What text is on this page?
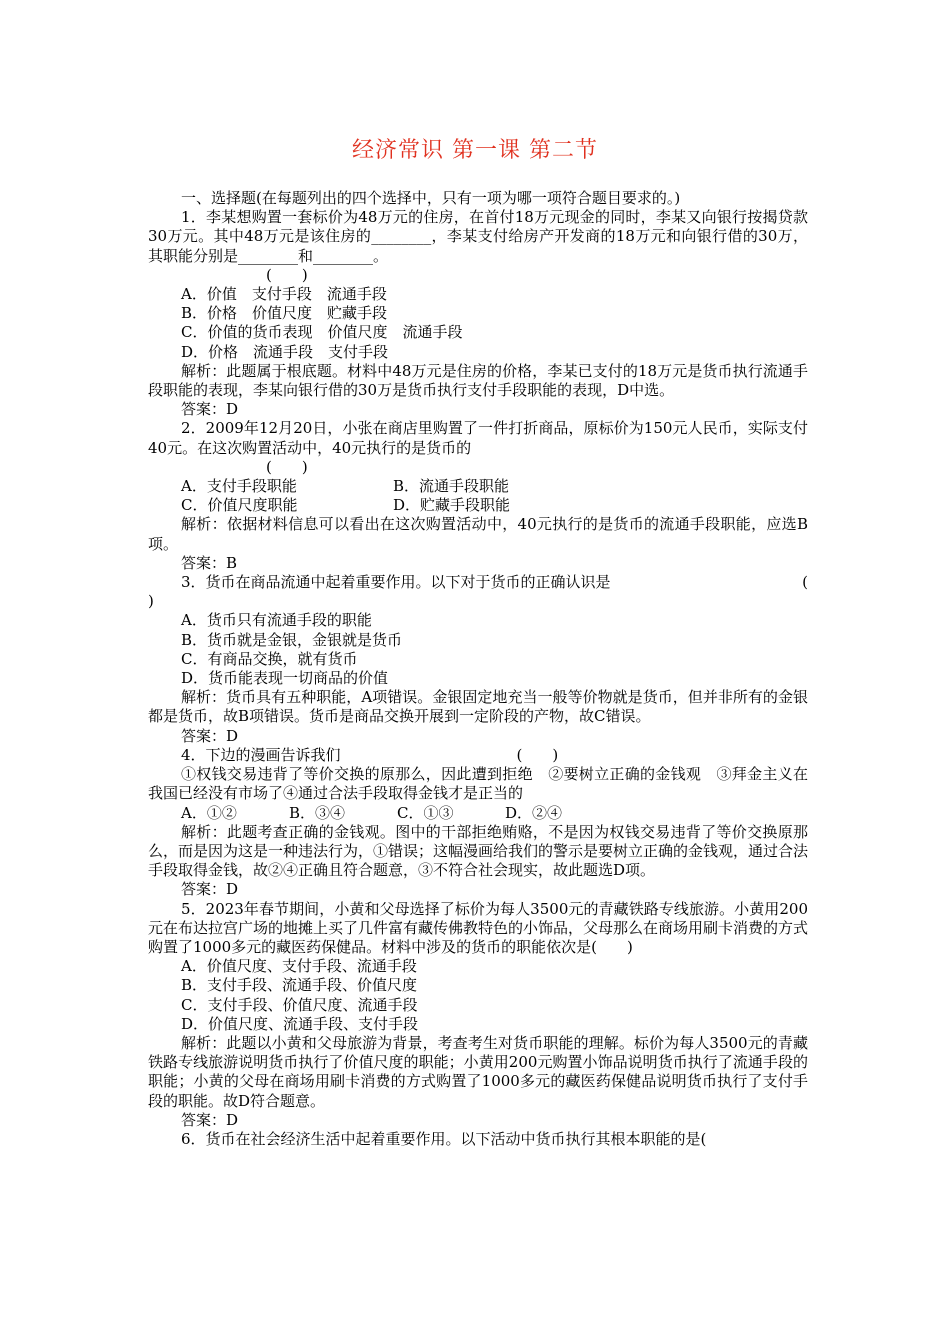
经济常识 第一课 第二节

一、选择题(在每题列出的四个选择中，只有一项为哪一项符合题目要求的。)

1．李某想购置一套标价为48万元的住房，在首付18万元现金的同时，李某又向银行按揭贷款30万元。其中48万元是该住房的________，李某支付给房产开发商的18万元和向银行借的30万，其职能分别是________和________。

(　　)

A．价值　支付手段　流通手段

B．价格　价值尺度　贮藏手段

C．价值的货币表现　价值尺度　流通手段

D．价格　流通手段　支付手段

解析：此题属于根底题。材料中48万元是住房的价格，李某已支付的18万元是货币执行流通手段职能的表现，李某向银行借的30万是货币执行支付手段职能的表现，D中选。

答案：D

2．2009年12月20日，小张在商店里购置了一件打折商品，原标价为150元人民币，实际支付40元。在这次购置活动中，40元执行的是货币的

(　　)

A．支付手段职能	B．流通手段职能
C．价值尺度职能	D．贮藏手段职能

解析：依据材料信息可以看出在这次购置活动中，40元执行的是货币的流通手段职能，应选B项。

答案：B

3．货币在商品流通中起着重要作用。以下对于货币的正确认识是	(

)

A．货币只有流通手段的职能

B．货币就是金银，金银就是货币

C．有商品交换，就有货币

D．货币能表现一切商品的价值

解析：货币具有五种职能，A项错误。金银固定地充当一般等价物就是货币，但并非所有的金银都是货币，故B项错误。货币是商品交换开展到一定阶段的产物，故C错误。

答案：D

4．下边的漫画告诉我们	(　　)

①权钱交易违背了等价交换的原那么，因此遭到拒绝　②要树立正确的金钱观　③拜金主义在我国已经没有市场了④通过合法手段取得金钱才是正当的

A．①②	B．③④	C．①③	D．②④

解析：此题考查正确的金钱观。图中的干部拒绝贿赂，不是因为权钱交易违背了等价交换原那么，而是因为这是一种违法行为，①错误；这幅漫画给我们的警示是要树立正确的金钱观，通过合法手段取得金钱，故②④正确且符合题意，③不符合社会现实，故此题选D项。

答案：D

5．2023年春节期间，小黄和父母选择了标价为每人3500元的青藏铁路专线旅游。小黄用200元在布达拉宫广场的地摊上买了几件富有藏传佛教特色的小饰品，父母那么在商场用刷卡消费的方式购置了1000多元的藏医药保健品。材料中涉及的货币的职能依次是(　　)

A．价值尺度、支付手段、流通手段

B．支付手段、流通手段、价值尺度

C．支付手段、价值尺度、流通手段

D．价值尺度、流通手段、支付手段

解析：此题以小黄和父母旅游为背景，考查考生对货币职能的理解。标价为每人3500元的青藏铁路专线旅游说明货币执行了价值尺度的职能；小黄用200元购置小饰品说明货币执行了流通手段的职能；小黄的父母在商场用刷卡消费的方式购置了1000多元的藏医药保健品说明货币执行了支付手段的职能。故D符合题意。

答案：D

6．货币在社会经济生活中起着重要作用。以下活动中货币执行其根本职能的是(
